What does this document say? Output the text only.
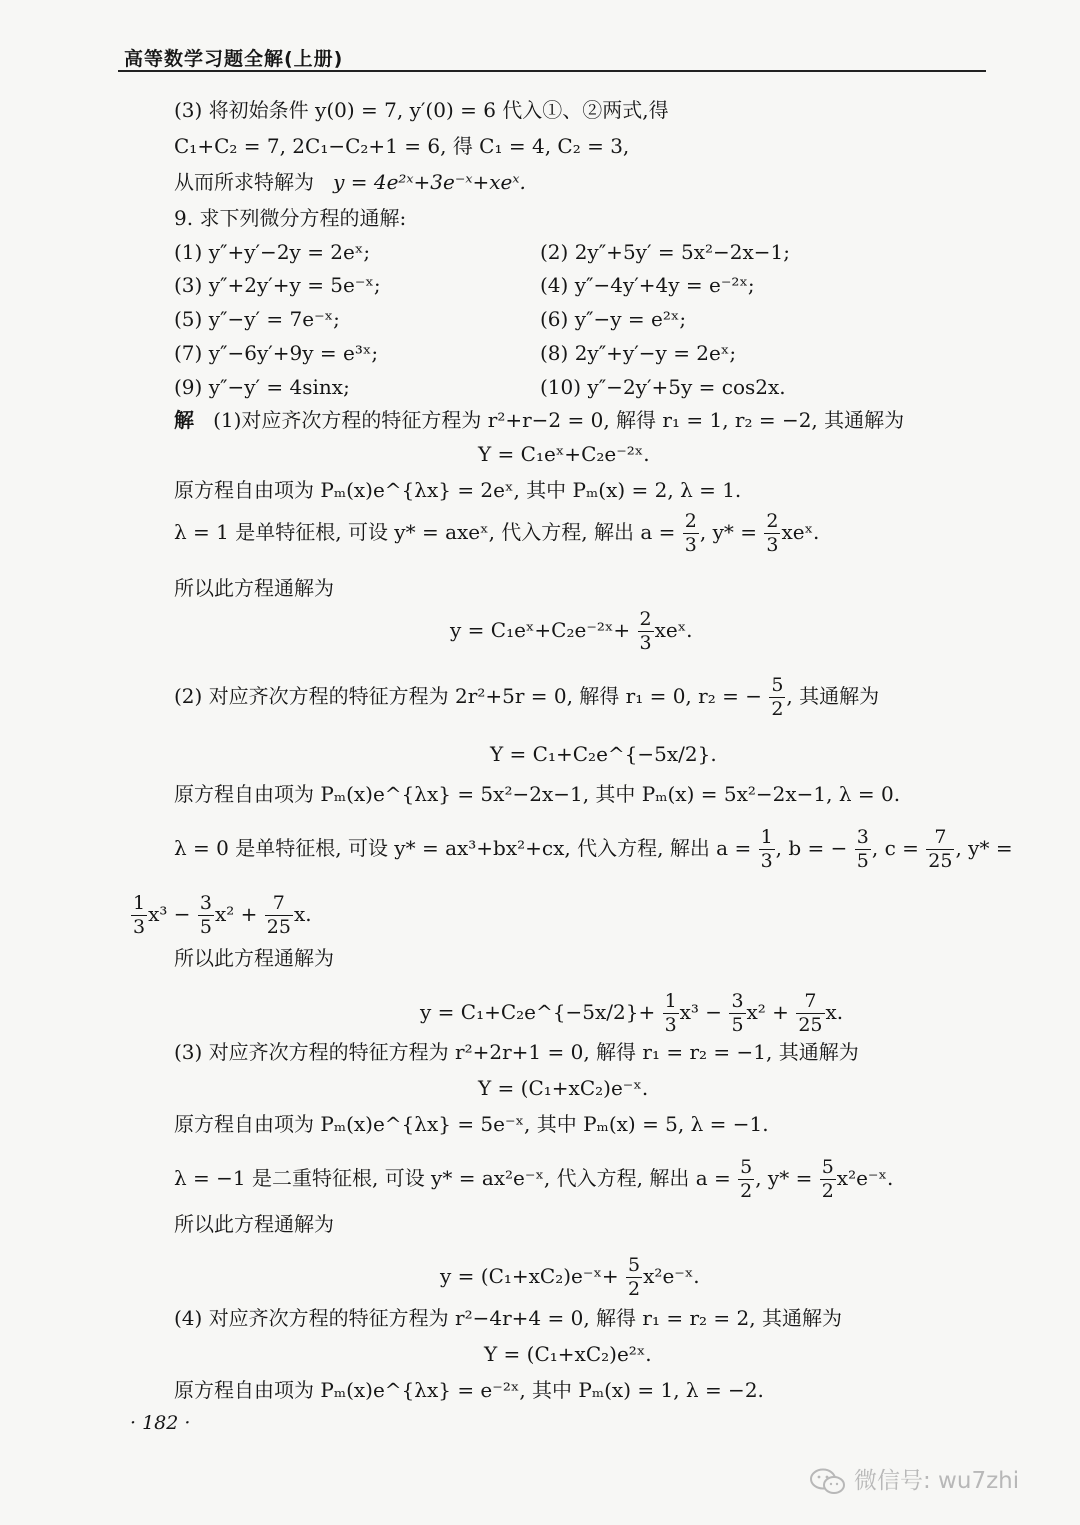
高等数学习题全解(上册)
(3) 将初始条件 y(0) = 7, y′(0) = 6 代入①、②两式,得
C₁+C₂ = 7, 2C₁−C₂+1 = 6, 得 C₁ = 4, C₂ = 3,
从而所求特解为 y = 4e²ˣ+3e⁻ˣ+xeˣ.
9. 求下列微分方程的通解:
(1) y″+y′−2y = 2eˣ;	(2) 2y″+5y′ = 5x²−2x−1;
(3) y″+2y′+y = 5e⁻ˣ;	(4) y″−4y′+4y = e⁻²ˣ;
(5) y″−y′ = 7e⁻ˣ;	(6) y″−y = e²ˣ;
(7) y″−6y′+9y = e³ˣ;	(8) 2y″+y′−y = 2eˣ;
(9) y″−y′ = 4sinx;	(10) y″−2y′+5y = cos2x.
解 (1)对应齐次方程的特征方程为 r²+r−2 = 0, 解得 r₁ = 1, r₂ = −2, 其通解为
Y = C₁eˣ+C₂e⁻²ˣ.
原方程自由项为 Pₘ(x)e^{λx} = 2eˣ, 其中 Pₘ(x) = 2, λ = 1.
λ = 1 是单特征根, 可设 y* = axeˣ, 代入方程, 解出 $a = \frac{2}{3}$ , $y* = \frac{2}{3}$ xeˣ.
所以此方程通解为
y = C₁eˣ+C₂e⁻²ˣ+ $\frac{2}{3}$ xeˣ.
(2) 对应齐次方程的特征方程为 2r²+5r = 0, 解得 r₁ = 0, r₂ = − $\frac{5}{2}$ , 其通解为
Y = C₁+C₂e^{−5x/2}.
原方程自由项为 Pₘ(x)e^{λx} = 5x²−2x−1, 其中 Pₘ(x) = 5x²−2x−1, λ = 0.
λ = 0 是单特征根, 可设 y* = ax³+bx²+cx, 代入方程, 解出 $a = \frac{1}{3}$ , b = − $\frac{3}{5}$ , $c = \frac{7}{25}$ , y* =
$\frac{1}{3} x^3 - \frac{3}{5} x^2 + \frac{7}{25} x$.
所以此方程通解为
y = C₁+C₂e^{−5x/2}+ $\frac{1}{3} x^3 - \frac{3}{5} x^2 + \frac{7}{25} x$.
(3) 对应齐次方程的特征方程为 r²+2r+1 = 0, 解得 r₁ = r₂ = −1, 其通解为
Y = (C₁+xC₂)e⁻ˣ.
原方程自由项为 Pₘ(x)e^{λx} = 5e⁻ˣ, 其中 Pₘ(x) = 5, λ = −1.
λ = −1 是二重特征根, 可设 y* = ax²e⁻ˣ, 代入方程, 解出 $a = \frac{5}{2}$ , $y* = \frac{5}{2}$ x²e⁻ˣ.
所以此方程通解为
y = (C₁+xC₂)e⁻ˣ+ $\frac{5}{2}$ x²e⁻ˣ.
(4) 对应齐次方程的特征方程为 r²−4r+4 = 0, 解得 r₁ = r₂ = 2, 其通解为
Y = (C₁+xC₂)e²ˣ.
原方程自由项为 Pₘ(x)e^{λx} = e⁻²ˣ, 其中 Pₘ(x) = 1, λ = −2.
· 182 ·
微信号: wu7zhi
